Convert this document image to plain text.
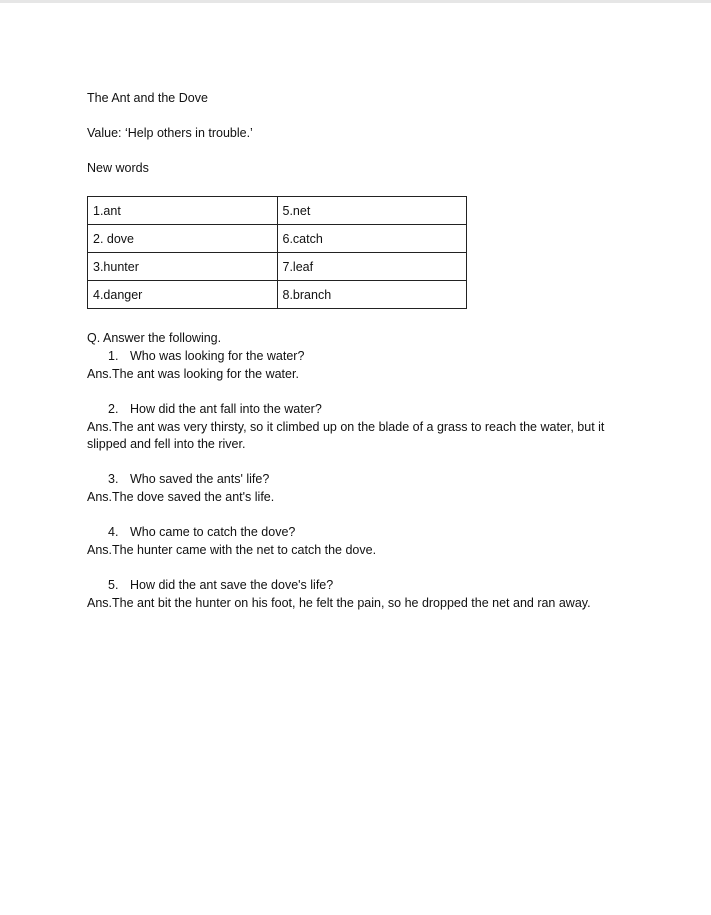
The Ant and the Dove
Value: ‘Help others in trouble.’
New words
1.ant	5.net
2. dove	6.catch
3.hunter	7.leaf
4.danger	8.branch
Q. Answer the following.
1. Who was looking for the water?
Ans.The ant was looking for the water.
2. How did the ant fall into the water?
Ans.The ant was very thirsty, so it climbed up on the blade of a grass to reach the water, but it slipped and fell into the river.
3. Who saved the ants' life?
Ans.The dove saved the ant's life.
4. Who came to catch the dove?
Ans.The hunter came with the net to catch the dove.
5. How did the ant save the dove's life?
Ans.The ant bit the hunter on his foot, he felt the pain, so he dropped the net and ran away.
